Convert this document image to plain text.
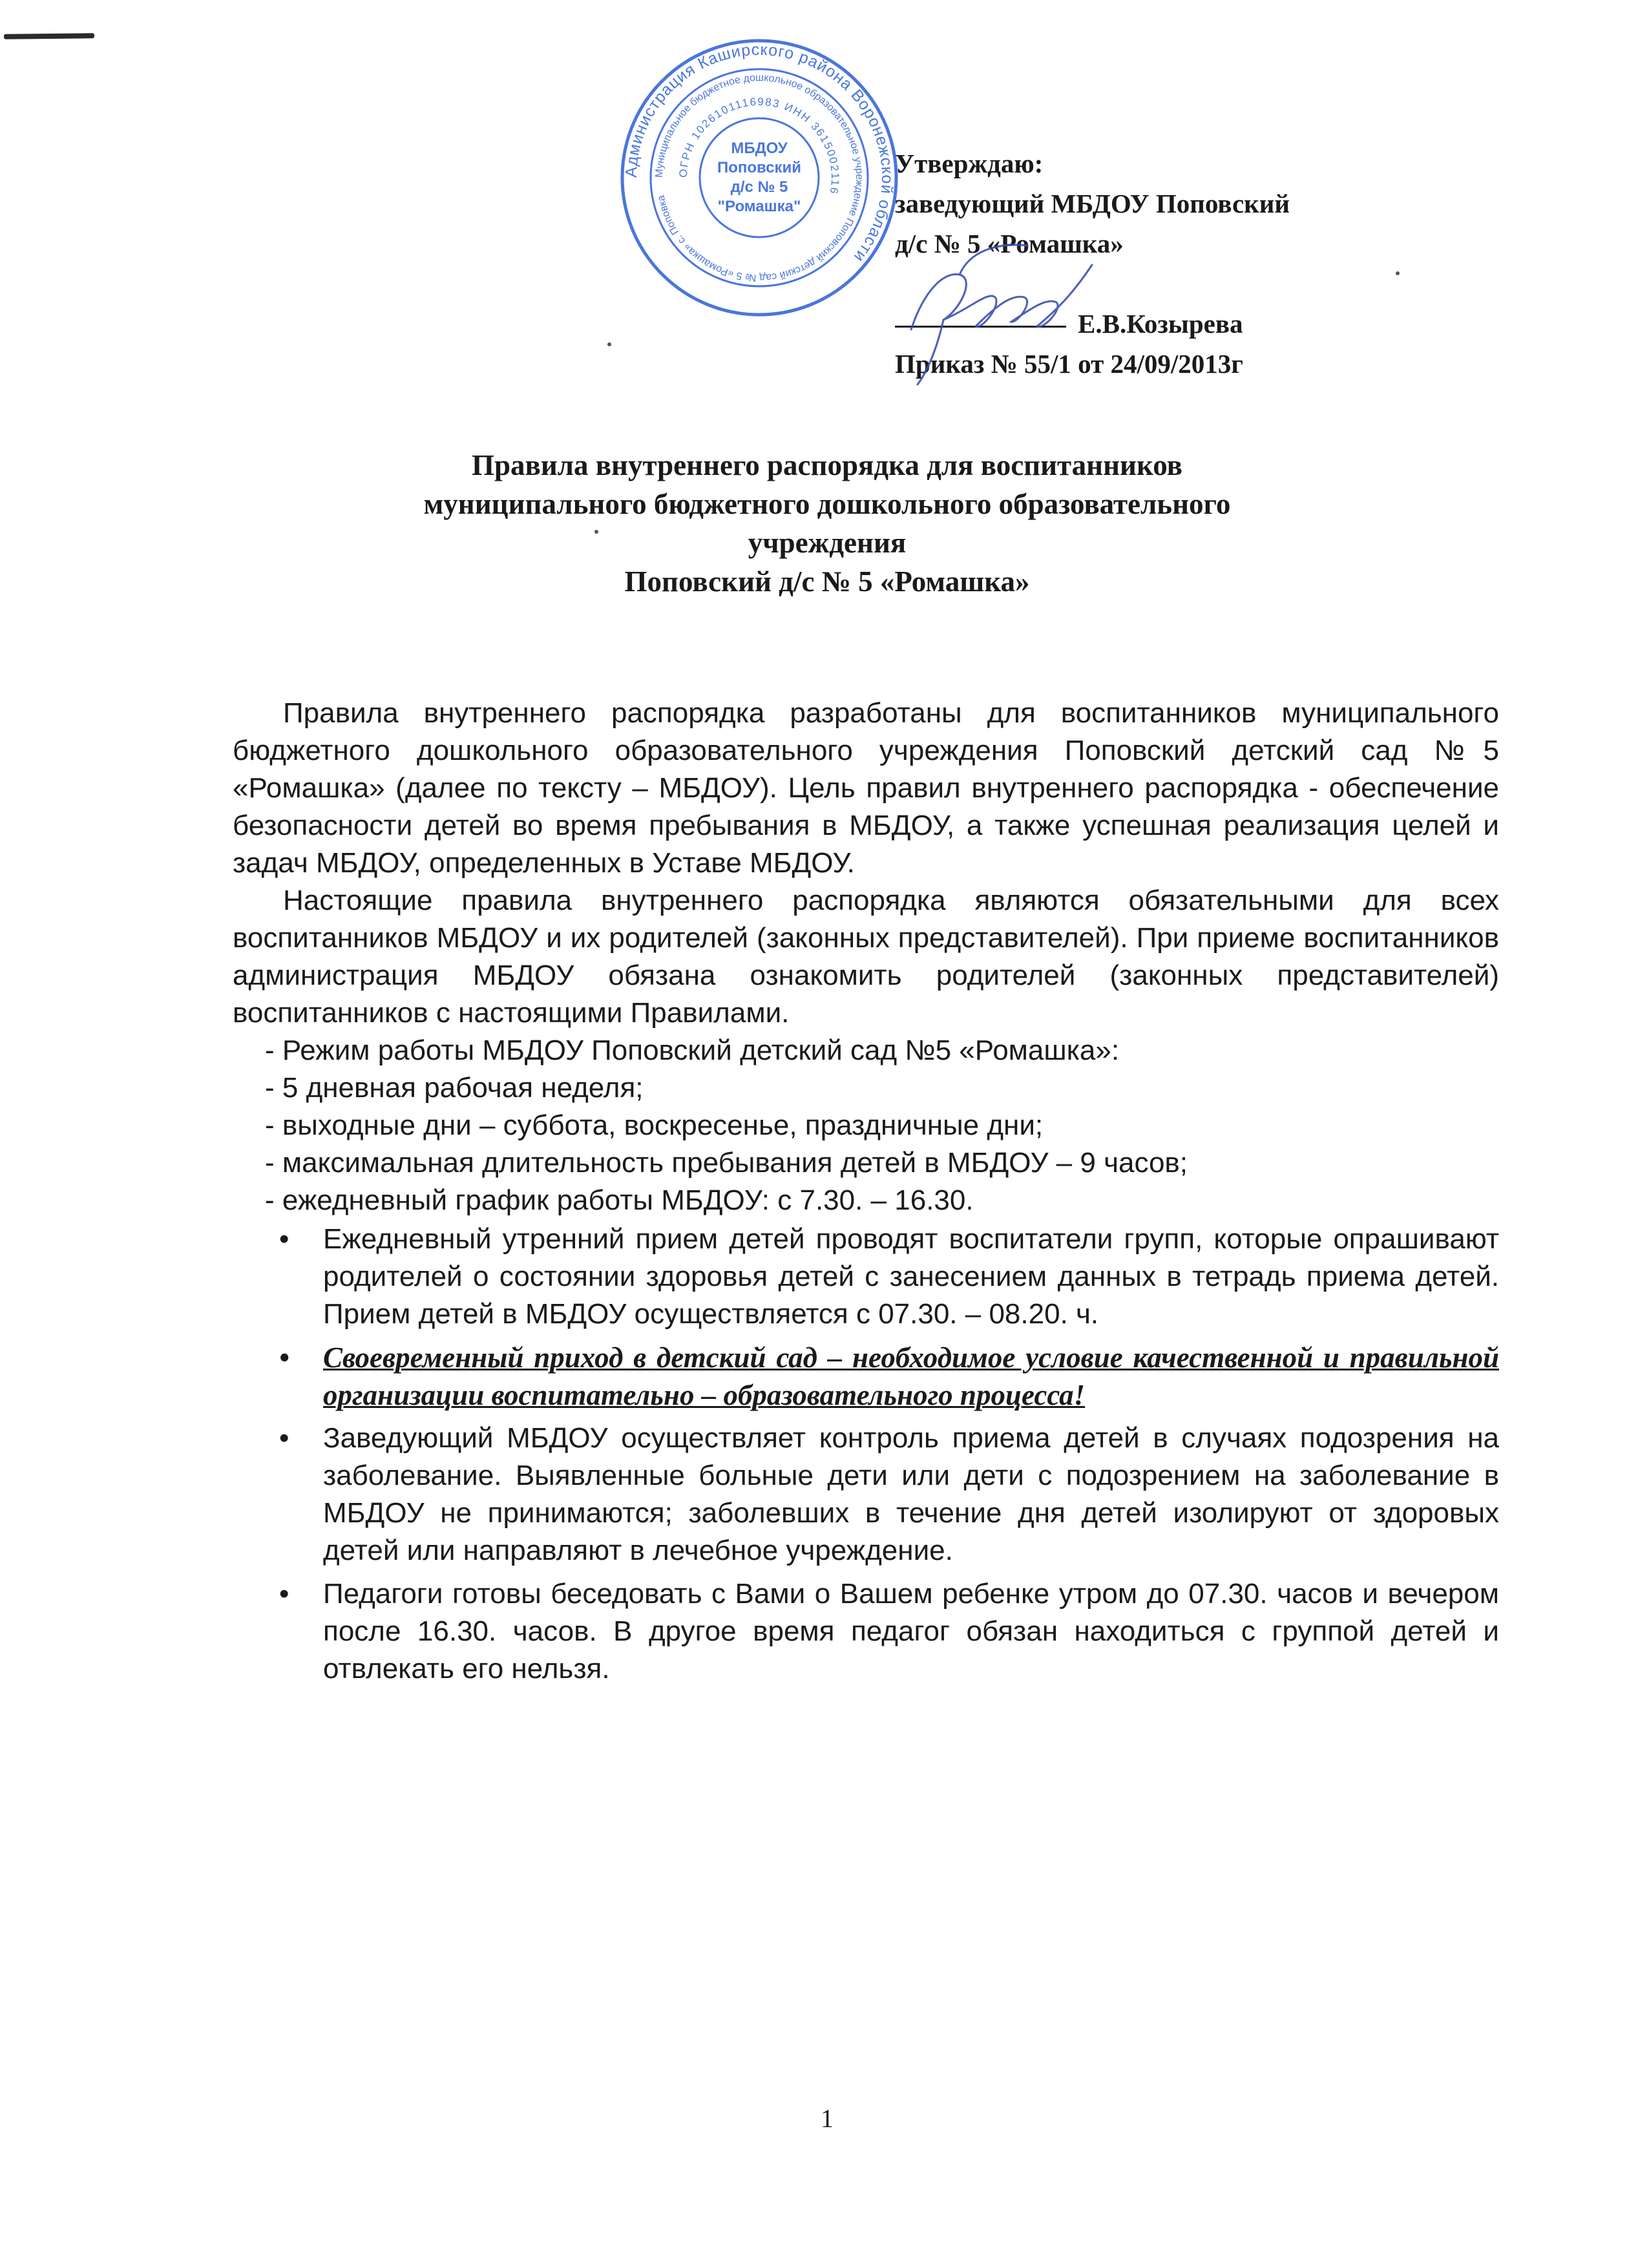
Администрация Каширского района Воронежской области
Муниципальное бюджетное дошкольное образовательное учреждение Поповский детский сад № 5 «Ромашка» с. Поповка
ОГРН 1026101116983 ИНН 3615002116
МБДОУ
Поповский
д/с № 5
"Ромашка"
Утверждаю:
заведующий МБДОУ Поповский
д/с № 5 «Ромашка»
Е.В.Козырева
Приказ № 55/1 от 24/09/2013г
Правила внутреннего распорядка для воспитанников
муниципального бюджетного дошкольного образовательного
учреждения
Поповский д/с № 5 «Ромашка»

Правила внутреннего распорядка разработаны для воспитанников муниципального бюджетного дошкольного образовательного учреждения Поповский детский сад №5 «Ромашка» (далее по тексту – МБДОУ). Цель правил внутреннего распорядка - обеспечение безопасности детей во время пребывания в МБДОУ, а также успешная реализация целей и задач МБДОУ, определенных в Уставе МБДОУ.

Настоящие правила внутреннего распорядка являются обязательными для всех воспитанников МБДОУ и их родителей (законных представителей). При приеме воспитанников администрация МБДОУ обязана ознакомить родителей (законных представителей) воспитанников с настоящими Правилами.

- Режим работы МБДОУ Поповский детский сад №5 «Ромашка»:
- 5 дневная рабочая неделя;
- выходные дни – суббота, воскресенье, праздничные дни;
- максимальная длительность пребывания детей в МБДОУ – 9 часов;
- ежедневный график работы МБДОУ: с 7.30. – 16.30.
• Ежедневный утренний прием детей проводят воспитатели групп, которые опрашивают родителей о состоянии здоровья детей с занесением данных в тетрадь приема детей. Прием детей в МБДОУ осуществляется с 07.30. – 08.20. ч.
• Своевременный приход в детский сад – необходимое условие качественной и правильной организации воспитательно – образовательного процесса!
• Заведующий МБДОУ осуществляет контроль приема детей в случаях подозрения на заболевание. Выявленные больные дети или дети с подозрением на заболевание в МБДОУ не принимаются; заболевших в течение дня детей изолируют от здоровых детей или направляют в лечебное учреждение.
• Педагоги готовы беседовать с Вами о Вашем ребенке утром до 07.30. часов и вечером после 16.30. часов. В другое время педагог обязан находиться с группой детей и отвлекать его нельзя.
1
